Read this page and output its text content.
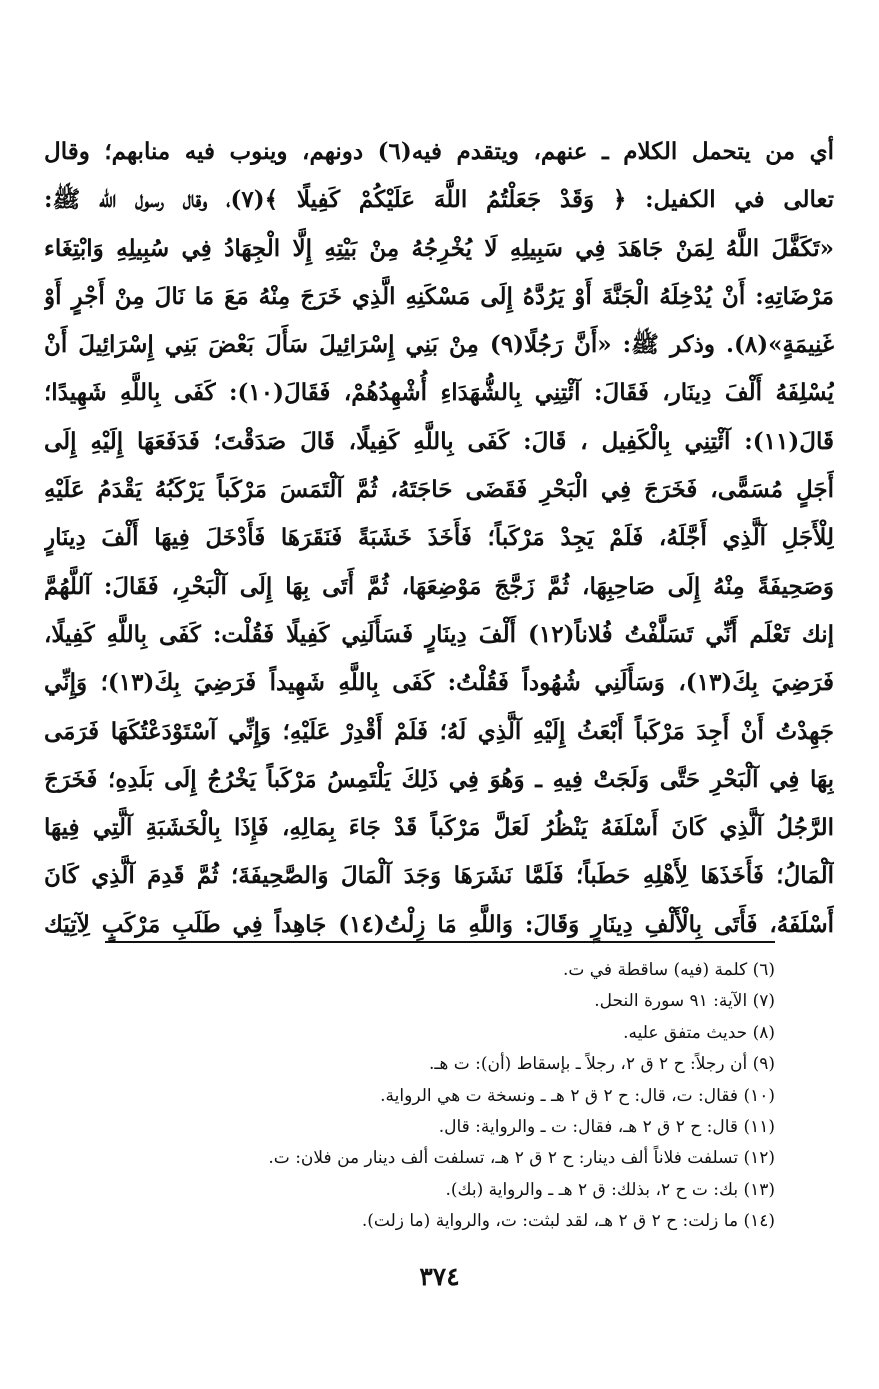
أي من يتحمل الكلام ـ عنهم، ويتقدم فيه(٦) دونهم، وينوب فيه منابهم؛ وقال
تعالى في الكفيل: ﴿ وَقَدْ جَعَلْتُمُ اللَّهَ عَلَيْكُمْ كَفِيلًا ﴾(٧)، وقال رسول الله ﷺ:
«تَكَفَّلَ اللَّهُ لِمَنْ جَاهَدَ فِي سَبِيلِهِ لَا يُخْرِجُهُ مِنْ بَيْتِهِ إِلَّا الْجِهَادُ فِي سُبِيلِهِ وَابْتِغَاء
مَرْضَاتِهِ: أَنْ يُدْخِلَهُ الْجَنَّةَ أَوْ يَرُدَّهُ إِلَى مَسْكَنِهِ الَّذِي خَرَجَ مِنْهُ مَعَ مَا نَالَ مِنْ أَجْرٍ أَوْ
غَنِيمَةٍ»(٨). وذكر ﷺ: «أَنَّ رَجُلًا(٩) مِنْ بَنِي إِسْرَائِيلَ سَأَلَ بَعْضَ بَنِي إِسْرَائِيلَ أَنْ
يُسْلِفَهُ أَلْفَ دِينَار، فَقَالَ: آئْتِنِي بِالشُّهَدَاءِ أُشْهِدُهُمْ، فَقَالَ(١٠): كَفَى بِاللَّهِ شَهِيدًا؛
قَالَ(١١): آئْتِنِي بِالْكَفِيل ، قَالَ: كَفَى بِاللَّهِ كَفِيلًا، قَالَ صَدَقْتَ؛ فَدَفَعَهَا إِلَيْهِ إِلَى
أَجَلٍ مُسَمًّى، فَخَرَجَ فِي الْبَحْرِ فَقَضَى حَاجَتَهُ، ثُمَّ آلْتَمَسَ مَرْكَباً يَرْكَبُهُ يَقْدَمُ عَلَيْهِ
لِلْأَجَلِ آلَّذِي أَجَّلَهُ، فَلَمْ يَجِدْ مَرْكَباً؛ فَأَخَذَ خَشَبَةً فَنَقَرَهَا فَأَدْخَلَ فِيهَا أَلْفَ دِينَارٍ
وَصَحِيفَةً مِنْهُ إِلَى صَاحِبِهَا، ثُمَّ زَجَّجَ مَوْضِعَهَا، ثُمَّ أَتَى بِهَا إِلَى آلْبَحْرِ، فَقَالَ: آللَّهُمَّ
إنك تَعْلَم أَنِّي تَسَلَّفْتُ فُلاناً(١٢) أَلْفَ دِينَارٍ فَسَأَلَنِي كَفِيلًا فَقُلْت: كَفَى بِاللَّهِ كَفِيلًا،
فَرَضِيَ بِكَ(١٣)، وَسَأَلَنِي شُهُوداً فَقُلْتُ: كَفَى بِاللَّهِ شَهِيداً فَرَضِيَ بِكَ(١٣)؛ وَإِنِّي
جَهِدْتُ أَنْ أَجِدَ مَرْكَباً أَبْعَثُ إِلَيْهِ آلَّذِي لَهُ؛ فَلَمْ أَقْدِرْ عَلَيْهِ؛ وَإِنِّي آسْتَوْدَعْتُكَهَا فَرَمَى
بِهَا فِي آلْبَحْرِ حَتَّى وَلَجَتْ فِيهِ ـ وَهُوَ فِي ذَلِكَ يَلْتَمِسُ مَرْكَباً يَخْرُجُ إِلَى بَلَدِهِ؛ فَخَرَجَ
الرَّجُلُ آلَّذِي كَانَ أَسْلَفَهُ يَنْظُرُ لَعَلَّ مَرْكَباً قَدْ جَاءَ بِمَالِهِ، فَإِذَا بِالْخَشَبَةِ آلَّتِي فِيهَا
آلْمَالُ؛ فَأَخَذَهَا لِأَهْلِهِ حَطَباً؛ فَلَمَّا نَشَرَهَا وَجَدَ آلْمَالَ وَالصَّحِيفَةَ؛ ثُمَّ قَدِمَ آلَّذِي كَانَ
أَسْلَفَهُ، فَأَتَى بِالْأَلْفِ دِينَارٍ وَقَالَ: وَاللَّهِ مَا زِلْتُ(١٤) جَاهِداً فِي طَلَبِ مَرْكَبٍ لِآتِيَك
(٦) كلمة (فيه) ساقطة في ت.
(٧) الآية: ٩١ سورة النحل.
(٨) حديث متفق عليه.
(٩) أن رجلاً: ح ٢ ق ٢، رجلاً ـ بإسقاط (أن): ت هـ.
(١٠) فقال: ت، قال: ح ٢ ق ٢ هـ ـ ونسخة ت هي الرواية.
(١١) قال: ح ٢ ق ٢ هـ، فقال: ت ـ والرواية: قال.
(١٢) تسلفت فلاناً ألف دينار: ح ٢ ق ٢ هـ، تسلفت ألف دينار من فلان: ت.
(١٣) بك: ت ح ٢، بذلك: ق ٢ هـ ـ والرواية (بك).
(١٤) ما زلت: ح ٢ ق ٢ هـ، لقد لبثت: ت، والرواية (ما زلت).
٣٧٤
